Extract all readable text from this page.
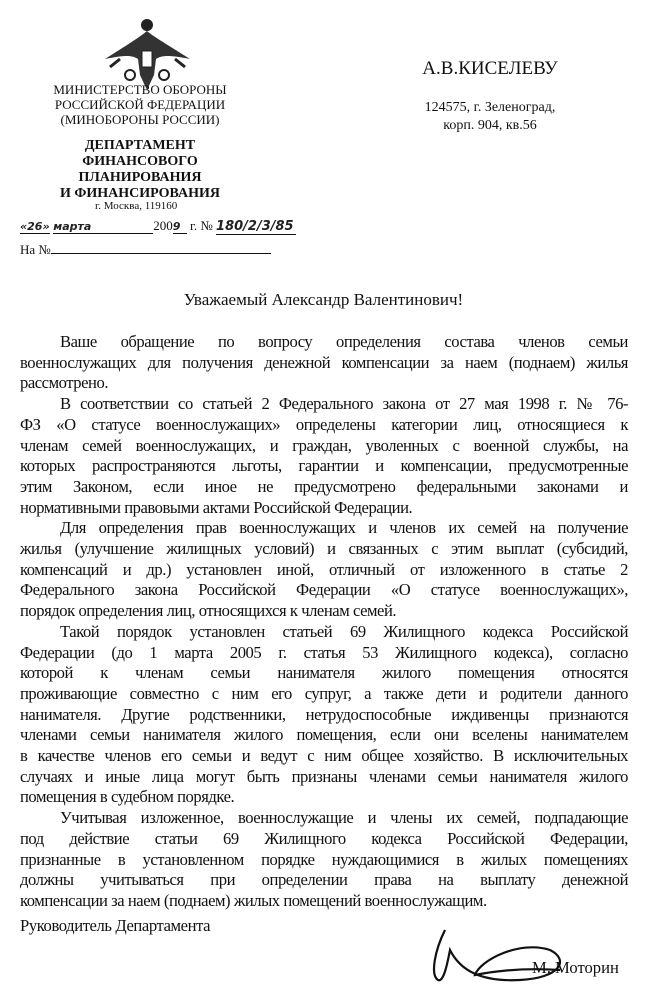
МИНИСТЕРСТВО ОБОРОНЫ
РОССИЙСКОЙ ФЕДЕРАЦИИ
(МИНОБОРОНЫ РОССИИ)
ДЕПАРТАМЕНТ
ФИНАНСОВОГО ПЛАНИРОВАНИЯ
И ФИНАНСИРОВАНИЯ
г. Москва, 119160
«26» марта	2009 г. № 180/2/3/85
На №
А.В.КИСЕЛЕВУ
124575, г. Зеленоград,
корп. 904, кв.56
Уважаемый Александр Валентинович!
Ваше обращение по вопросу определения состава членов семьи
военнослужащих для получения денежной компенсации за наем (поднаем) жилья
рассмотрено.
В соответствии со статьей 2 Федерального закона от 27 мая 1998 г. № 76-
ФЗ «О статусе военнослужащих» определены категории лиц, относящиеся к
членам семей военнослужащих, и граждан, уволенных с военной службы, на
которых распространяются льготы, гарантии и компенсации, предусмотренные
этим Законом, если иное не предусмотрено федеральными законами и
нормативными правовыми актами Российской Федерации.
Для определения прав военнослужащих и членов их семей на получение
жилья (улучшение жилищных условий) и связанных с этим выплат (субсидий,
компенсаций и др.) установлен иной, отличный от изложенного в статье 2
Федерального закона Российской Федерации «О статусе военнослужащих»,
порядок определения лиц, относящихся к членам семей.
Такой порядок установлен статьей 69 Жилищного кодекса Российской
Федерации (до 1 марта 2005 г. статья 53 Жилищного кодекса), согласно
которой к членам семьи нанимателя жилого помещения относятся
проживающие совместно с ним его супруг, а также дети и родители данного
нанимателя. Другие родственники, нетрудоспособные иждивенцы признаются
членами семьи нанимателя жилого помещения, если они вселены нанимателем
в качестве членов его семьи и ведут с ним общее хозяйство. В исключительных
случаях и иные лица могут быть признаны членами семьи нанимателя жилого
помещения в судебном порядке.
Учитывая изложенное, военнослужащие и члены их семей, подпадающие
под действие статьи 69 Жилищного кодекса Российской Федерации,
признанные в установленном порядке нуждающимися в жилых помещениях
должны учитываться при определении права на выплату денежной
компенсации за наем (поднаем) жилых помещений военнослужащим.
Руководитель Департамента
М. Моторин
